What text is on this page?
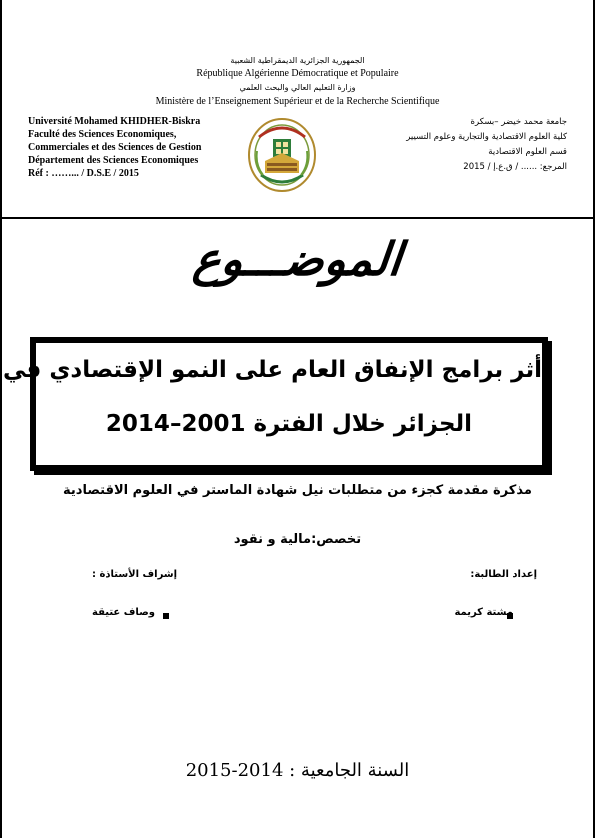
الجمهورية الجزائرية الديمقراطية الشعبية
République Algérienne Démocratique et Populaire
وزارة التعليم العالي والبحث العلمي
Ministère de l’Enseignement Supérieur et de la Recherche Scientifique
Université Mohamed KHIDHER-Biskra
Faculté des Sciences Economiques,
Commerciales et des Sciences de Gestion
Département des Sciences Economiques
Réf : ……... / D.S.E / 2015
جامعة محمد خيضر –بسكرة
كلية العلوم الاقتصادية والتجارية وعلوم التسيير
قسم العلوم الاقتصادية
المرجع: ...... / ق.ع.إ / 2015
الموضـــوع
أثر برامج الإنفاق العام على النمو الإقتصادي في
الجزائر خلال الفترة 2001–2014
مذكرة مقدمة كجزء من متطلبات نيل شهادة الماستر في العلوم الاقتصادية
تخصص:مالية و نقود
إعداد الطالبة:
إشراف الأستاذة :
مشتة كريمة
وصاف عتيقة
السنة الجامعية : 2014-2015
